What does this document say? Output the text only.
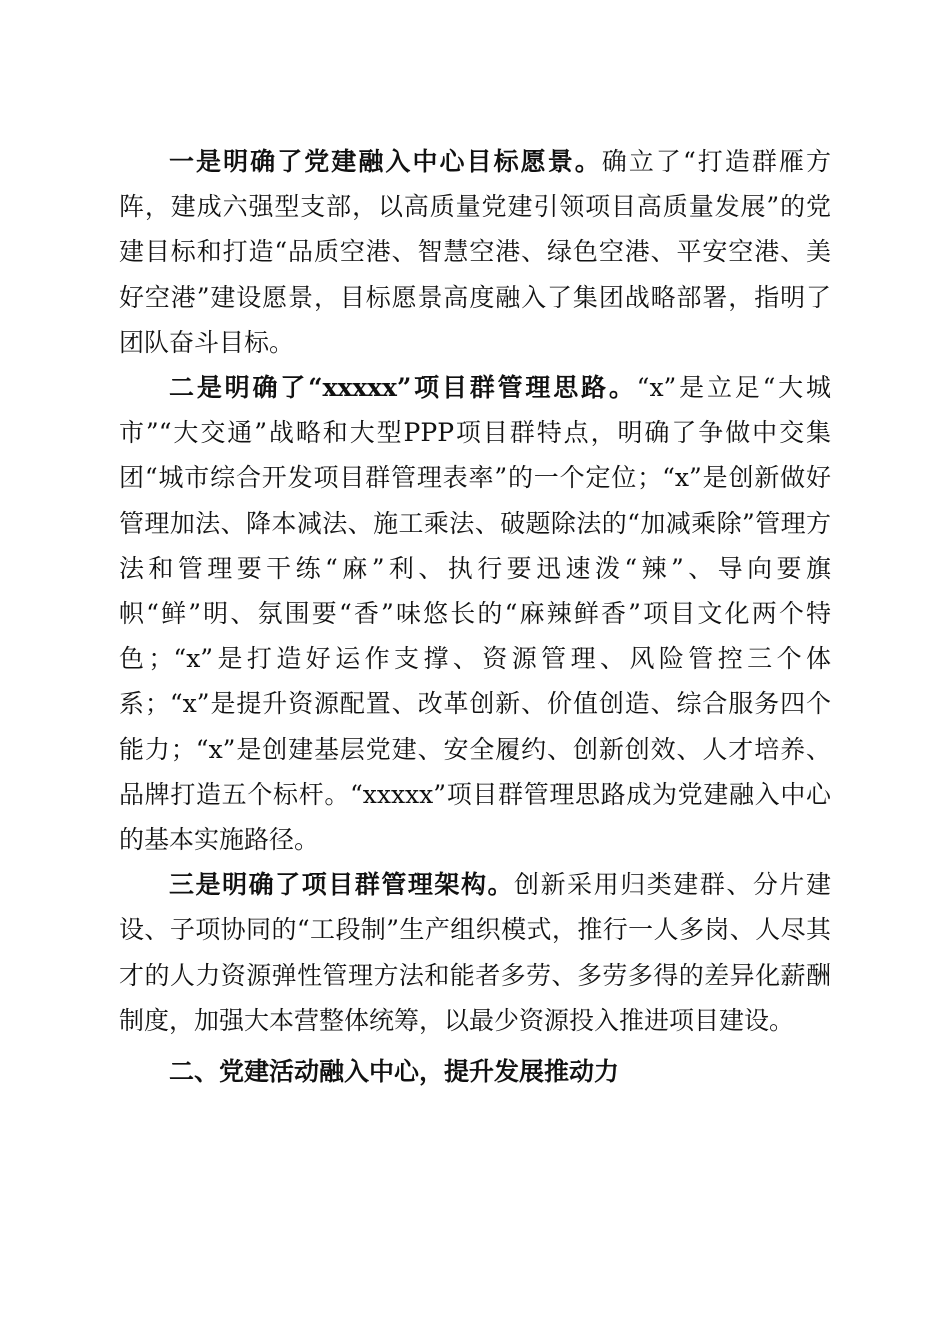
一是明确了党建融入中心目标愿景。确立了“打造群雁方阵，建成六强型支部，以高质量党建引领项目高质量发展”的党建目标和打造“品质空港、智慧空港、绿色空港、平安空港、美好空港”建设愿景，目标愿景高度融入了集团战略部署，指明了团队奋斗目标。

二是明确了“xxxxx”项目群管理思路。“x”是立足“大城市”“大交通”战略和大型PPP项目群特点，明确了争做中交集团“城市综合开发项目群管理表率”的一个定位；“x”是创新做好管理加法、降本减法、施工乘法、破题除法的“加减乘除”管理方法和管理要干练“麻”利、执行要迅速泼“辣”、导向要旗帜“鲜”明、氛围要“香”味悠长的“麻辣鲜香”项目文化两个特色；“x”是打造好运作支撑、资源管理、风险管控三个体系；“x”是提升资源配置、改革创新、价值创造、综合服务四个能力；“x”是创建基层党建、安全履约、创新创效、人才培养、品牌打造五个标杆。“xxxxx”项目群管理思路成为党建融入中心的基本实施路径。

三是明确了项目群管理架构。创新采用归类建群、分片建设、子项协同的“工段制”生产组织模式，推行一人多岗、人尽其才的人力资源弹性管理方法和能者多劳、多劳多得的差异化薪酬制度，加强大本营整体统筹，以最少资源投入推进项目建设。

二、党建活动融入中心，提升发展推动力
